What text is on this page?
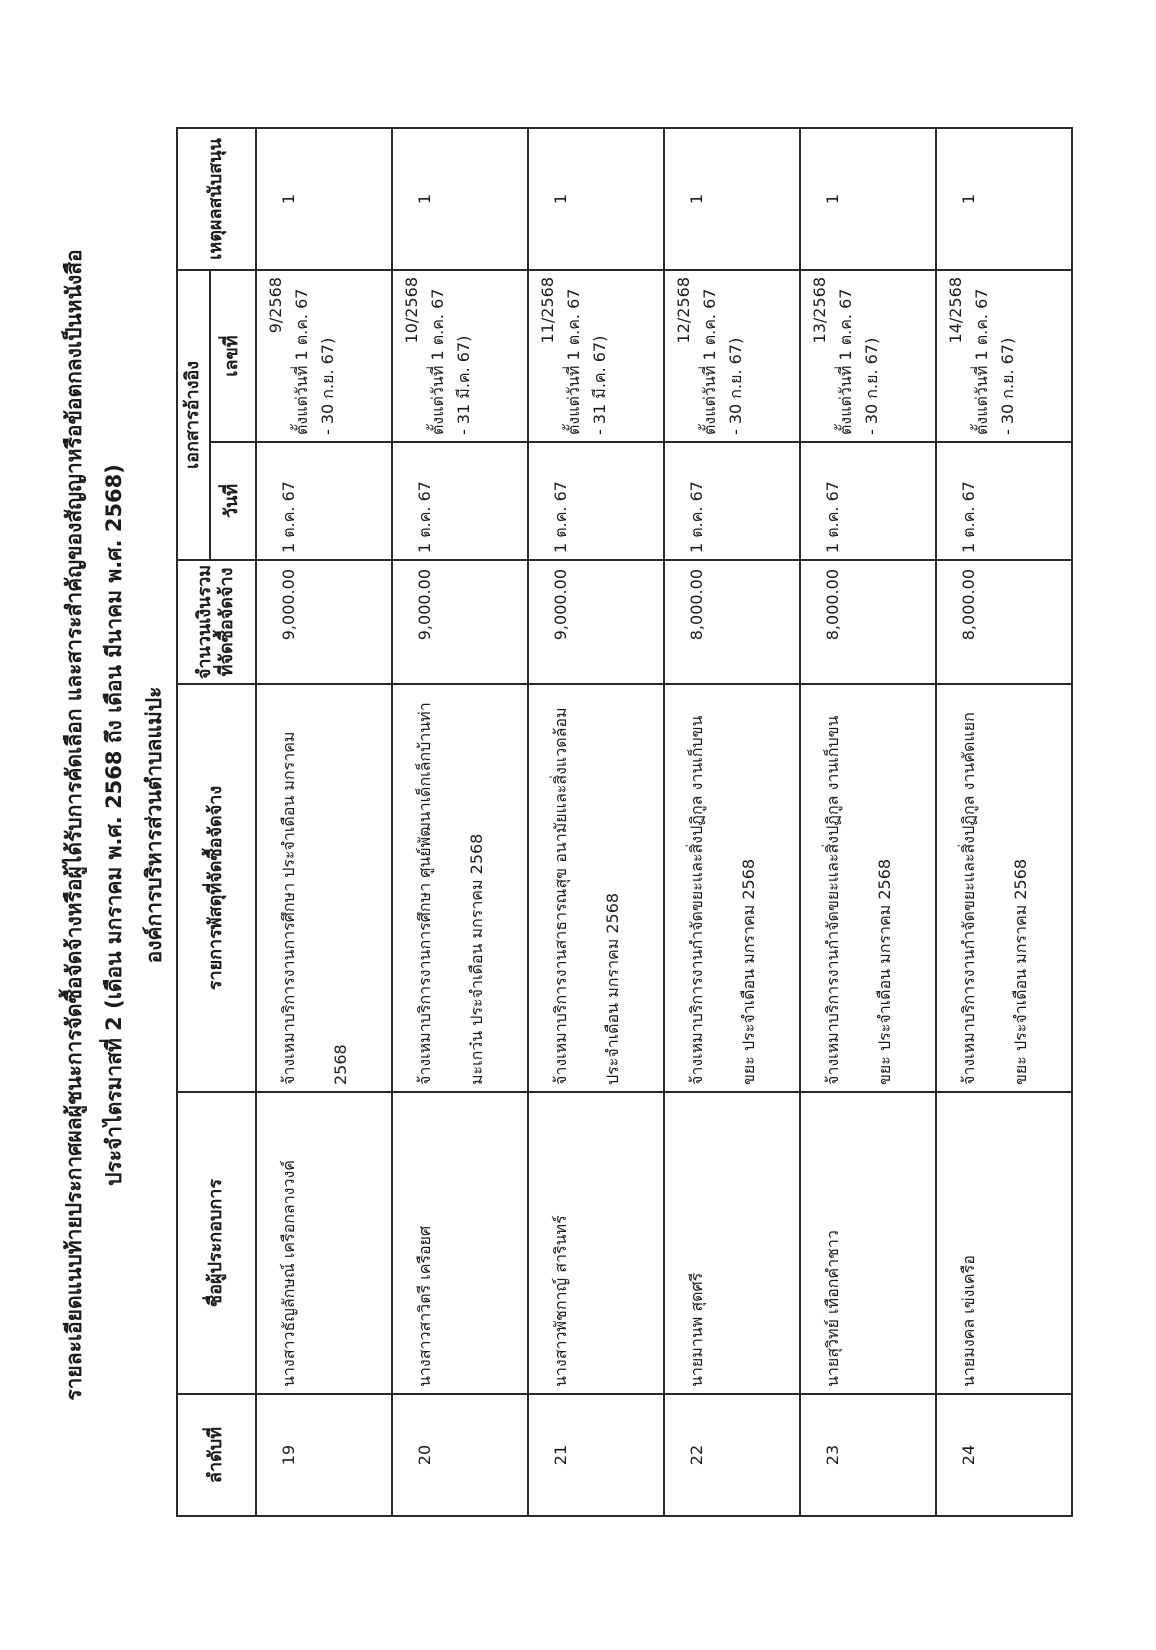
รายละเอียดแนบท้ายประกาศผลผู้ชนะการจัดซื้อจัดจ้างหรือผู้ได้รับการคัดเลือก และสาระสำคัญของสัญญาหรือข้อตกลงเป็นหนังสือ ประจำไตรมาสที่ 2 (เดือน มกราคม พ.ศ. 2568 ถึง เดือน มีนาคม พ.ศ. 2568) องค์การบริหารส่วนตำบลแม่ปะ
ลำดับที่	ชื่อผู้ประกอบการ	รายการพัสดุที่จัดซื้อจัดจ้าง	จำนวนเงินรวมที่จัดซื้อจัดจ้าง	เอกสารอ้างอิง		เหตุผลสนับสนุน
				วันที่	เลขที่	
19	นางสาวธัญลักษณ์ เครือกลางวงค์	จ้างเหมาบริการงานการศึกษา ประจำเดือน มกราคม 2568	9,000.00	1 ต.ค. 67	9/2568 ตั้งแต่วันที่ 1 ต.ค. 67 - 30 ก.ย. 67)	1
20	นางสาวสาวิตรี เครือยศ	จ้างเหมาบริการงานการศึกษา ศูนย์พัฒนาเด็กเล็กบ้านท่ามะเกว๋น ประจำเดือน มกราคม 2568	9,000.00	1 ต.ค. 67	10/2568 ตั้งแต่วันที่ 1 ต.ค. 67 - 31 มี.ค. 67)	1
21	นางสาวพัชกาญ์ สารินทร์	จ้างเหมาบริการงานสาธารณสุข อนามัยและสิ่งแวดล้อม ประจำเดือน มกราคม 2568	9,000.00	1 ต.ค. 67	11/2568 ตั้งแต่วันที่ 1 ต.ค. 67 - 31 มี.ค. 67)	1
22	นายมานพ สุดศรี	จ้างเหมาบริการงานกำจัดขยะและสิ่งปฏิกูล งานเก็บขนขยะ ประจำเดือน มกราคม 2568	8,000.00	1 ต.ค. 67	12/2568 ตั้งแต่วันที่ 1 ต.ค. 67 - 30 ก.ย. 67)	1
23	นายสุวิทย์ เทือกคำชาว	จ้างเหมาบริการงานกำจัดขยะและสิ่งปฏิกูล งานเก็บขนขยะ ประจำเดือน มกราคม 2568	8,000.00	1 ต.ค. 67	13/2568 ตั้งแต่วันที่ 1 ต.ค. 67 - 30 ก.ย. 67)	1
24	นายมงคล เข่งเครือ	จ้างเหมาบริการงานกำจัดขยะและสิ่งปฏิกูล งานคัดแยกขยะ ประจำเดือน มกราคม 2568	8,000.00	1 ต.ค. 67	14/2568 ตั้งแต่วันที่ 1 ต.ค. 67 - 30 ก.ย. 67)	1
